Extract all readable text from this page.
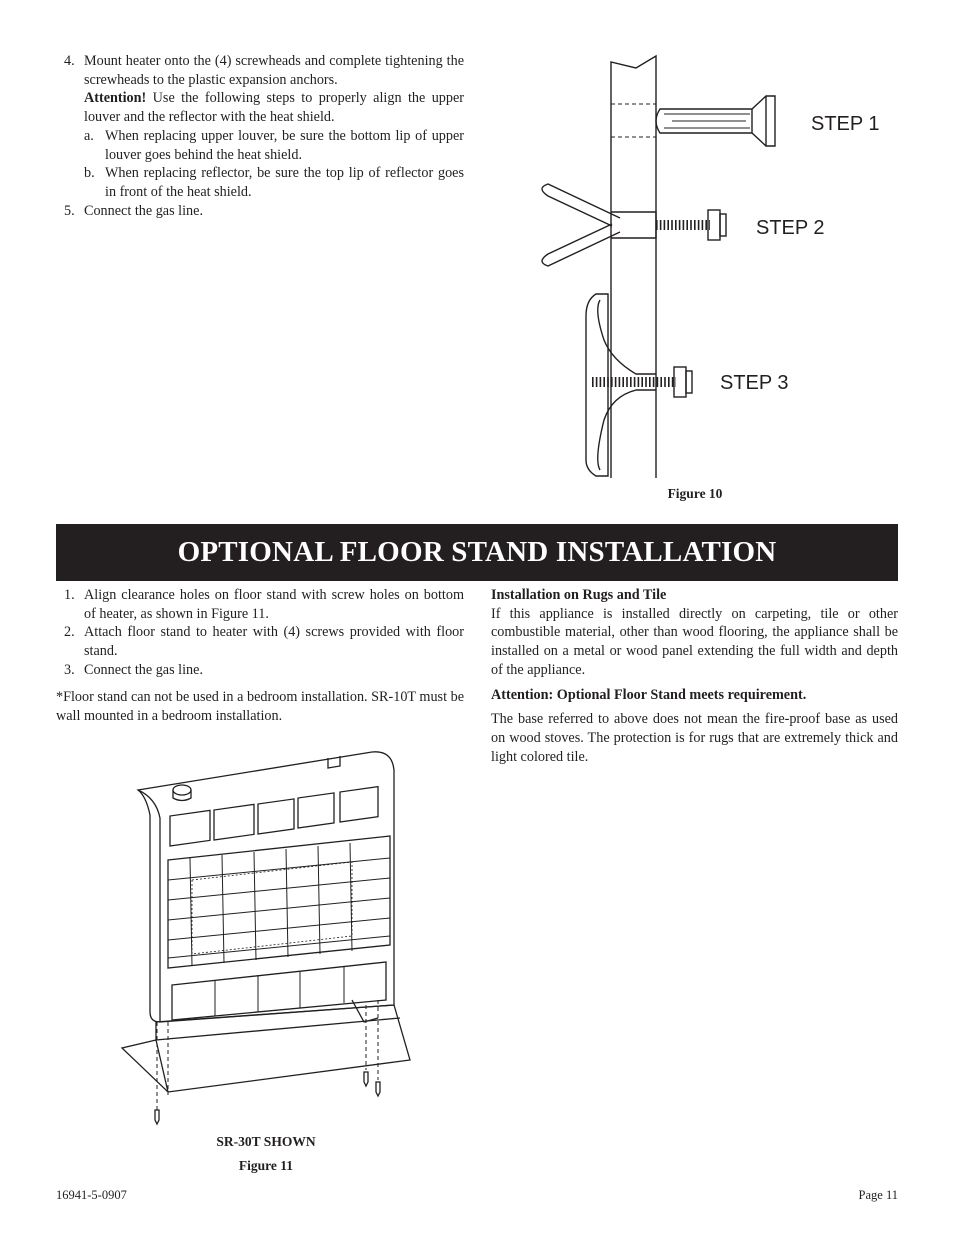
4. Mount heater onto the (4) screwheads and complete tightening the screwheads to the plastic expansion anchors.

Attention! Use the following steps to properly align the upper louver and the reflector with the heat shield.

a. When replacing upper louver, be sure the bottom lip of upper louver goes behind the heat shield.

b. When replacing reflector, be sure the top lip of reflector goes in front of the heat shield.

5. Connect the gas line.

STEP 1
STEP 2
STEP 3
Figure 10
OPTIONAL FLOOR STAND INSTALLATION
1. Align clearance holes on floor stand with screw holes on bottom of heater, as shown in Figure 11.

2. Attach floor stand to heater with (4) screws provided with floor stand.

3. Connect the gas line.

*Floor stand can not be used in a bedroom installation. SR-10T must be wall mounted in a bedroom installation.

Installation on Rugs and Tile

If this appliance is installed directly on carpeting, tile or other combustible material, other than wood flooring, the appliance shall be installed on a metal or wood panel extending the full width and depth of the appliance.

Attention: Optional Floor Stand meets requirement.

The base referred to above does not mean the fire-proof base as used on wood stoves. The protection is for rugs that are extremely thick and light colored tile.

SR-30T SHOWN
Figure 11
16941-5-0907	Page 11
